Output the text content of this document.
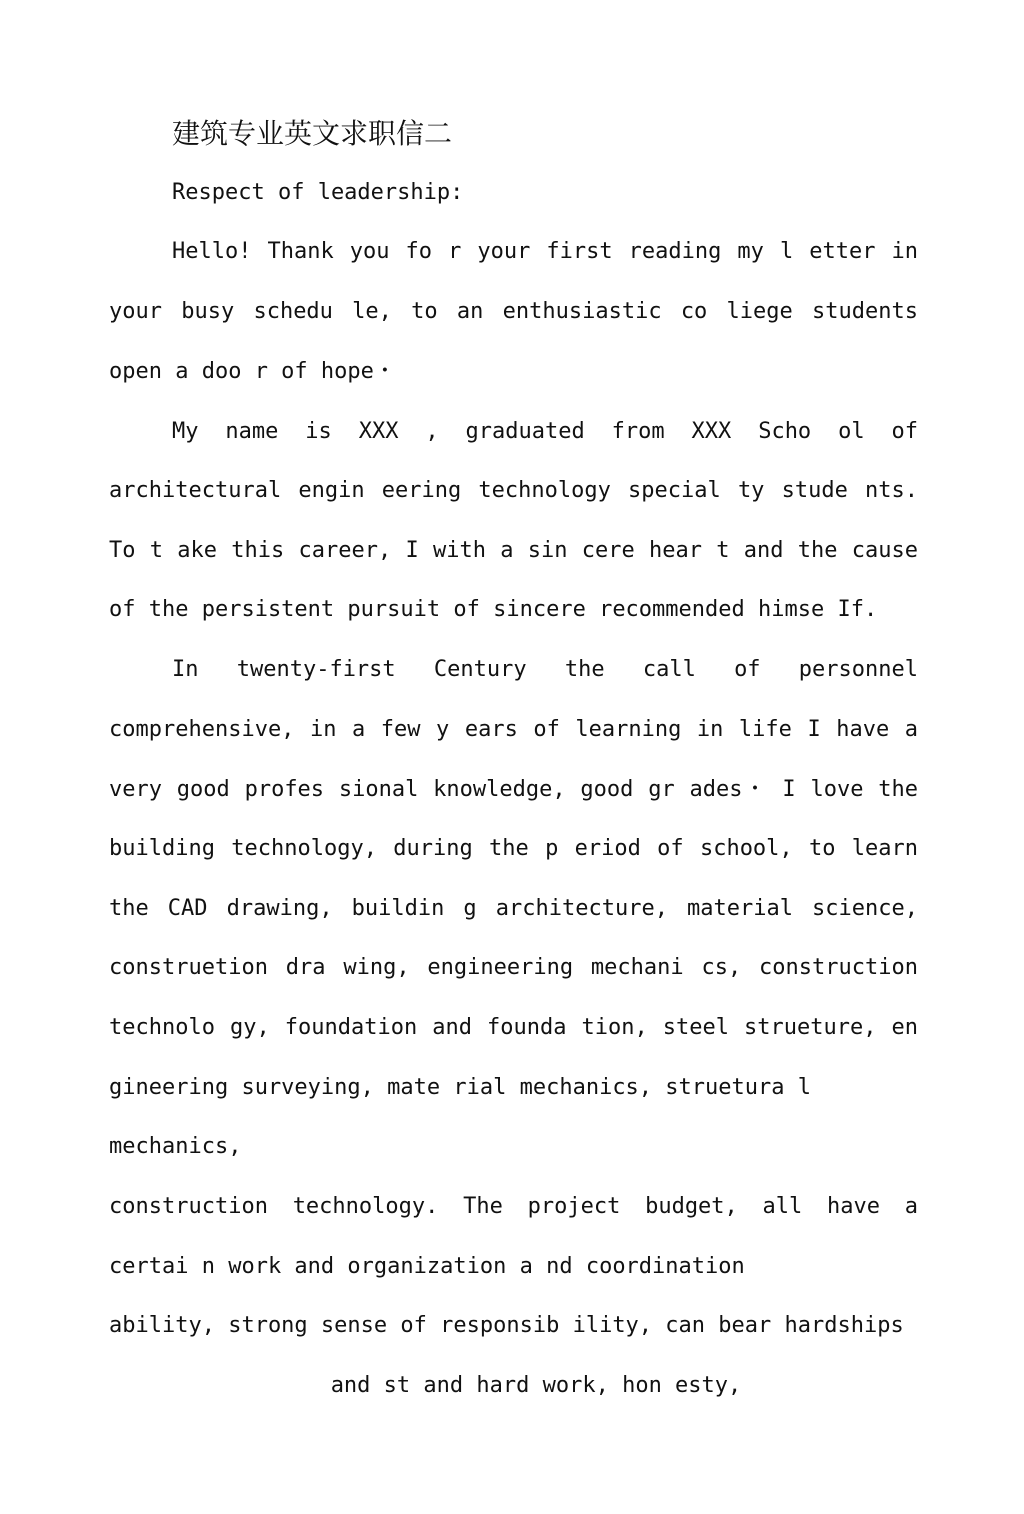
建筑专业英文求职信二
Respect of leadership:
Hello! Thank you fo r your first reading my l etter in
your busy schedu le, to an enthusiastic co liege students
open a doo r of hope・
My name is XXX , graduated from XXX Scho ol of
architectural engin eering technology special ty stude nts.
To t ake this career, I with a sin cere hear t and the cause
of the persistent pursuit of sincere recommended himse If.
In twenty-first Century the call of personnel
comprehensive, in a few y ears of learning in life I have a
very good profes sional knowledge, good gr ades・ I love the
building technology, during the p eriod of school, to learn
the CAD drawing, buildin g architecture, material science,
construetion dra wing, engineering mechani cs, construction
technolo gy, foundation and founda tion, steel strueture, en
gineering surveying, mate rial mechanics, struetura l
mechanics,
construction technology. The project budget, all have a
certai n work and organization a nd coordination
ability, strong sense of responsib ility, can bear hardships
and st and hard work, hon esty,
